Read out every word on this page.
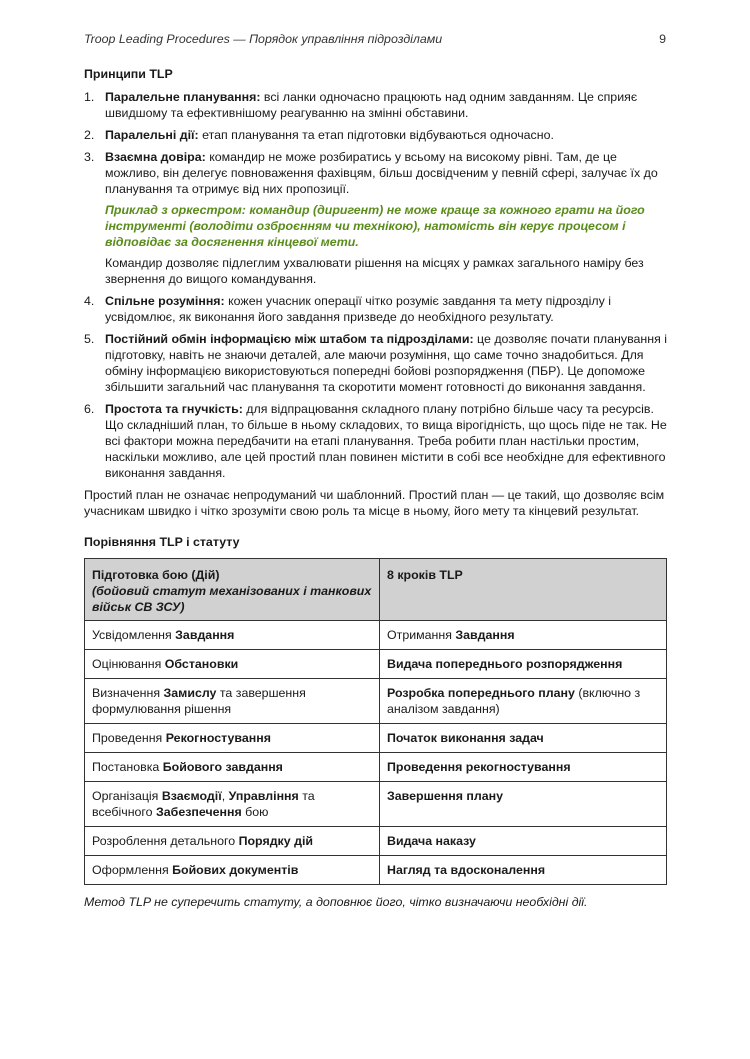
Troop Leading Procedures — Порядок управління підрозділами	9
Принципи TLP
1. Паралельне планування: всі ланки одночасно працюють над одним завданням. Це сприяє швидшому та ефективнішому реагуванню на змінні обставини.
2. Паралельні дії: етап планування та етап підготовки відбуваються одночасно.
3. Взаємна довіра: командир не може розбиратись у всьому на високому рівні. Там, де це можливо, він делегує повноваження фахівцям, більш досвідченим у певній сфері, залучає їх до планування та отримує від них пропозиції.
Приклад з оркестром: командир (диригент) не може краще за кожного грати на його інструменті (володіти озброєнням чи технікою), натомість він керує процесом і відповідає за досягнення кінцевої мети.
Командир дозволяє підлеглим ухвалювати рішення на місцях у рамках загального наміру без звернення до вищого командування.
4. Спільне розуміння: кожен учасник операції чітко розуміє завдання та мету підрозділу і усвідомлює, як виконання його завдання призведе до необхідного результату.
5. Постійний обмін інформацією між штабом та підрозділами: це дозволяє почати планування і підготовку, навіть не знаючи деталей, але маючи розуміння, що саме точно знадобиться. Для обміну інформацією використовуються попередні бойові розпорядження (ПБР). Це допоможе збільшити загальний час планування та скоротити момент готовності до виконання завдання.
6. Простота та гнучкість: для відпрацювання складного плану потрібно більше часу та ресурсів. Що складніший план, то більше в ньому складових, то вища вірогідність, що щось піде не так. Не всі фактори можна передбачити на етапі планування. Треба робити план настільки простим, наскільки можливо, але цей простий план повинен містити в собі все необхідне для ефективного виконання завдання.

Простий план не означає непродуманий чи шаблонний. Простий план — це такий, що дозволяє всім учасникам швидко і чітко зрозуміти свою роль та місце в ньому, його мету та кінцевий результат.

Порівняння TLP і статуту
Підготовка бою (Дій)
(бойовий статут механізованих і танкових військ СВ ЗСУ)	8 кроків TLP

Усвідомлення Завдання	Отримання Завдання
Оцінювання Обстановки	Видача попереднього розпорядження
Визначення Замислу та завершення формулювання рішення	Розробка попереднього плану (включно з аналізом завдання)
Проведення Рекогностування	Початок виконання задач
Постановка Бойового завдання	Проведення рекогностування
Організація Взаємодії, Управління та всебічного Забезпечення бою	Завершення плану
Розроблення детального Порядку дій	Видача наказу
Оформлення Бойових документів	Нагляд та вдосконалення
Метод TLP не суперечить статуту, а доповнює його, чітко визначаючи необхідні дії.
